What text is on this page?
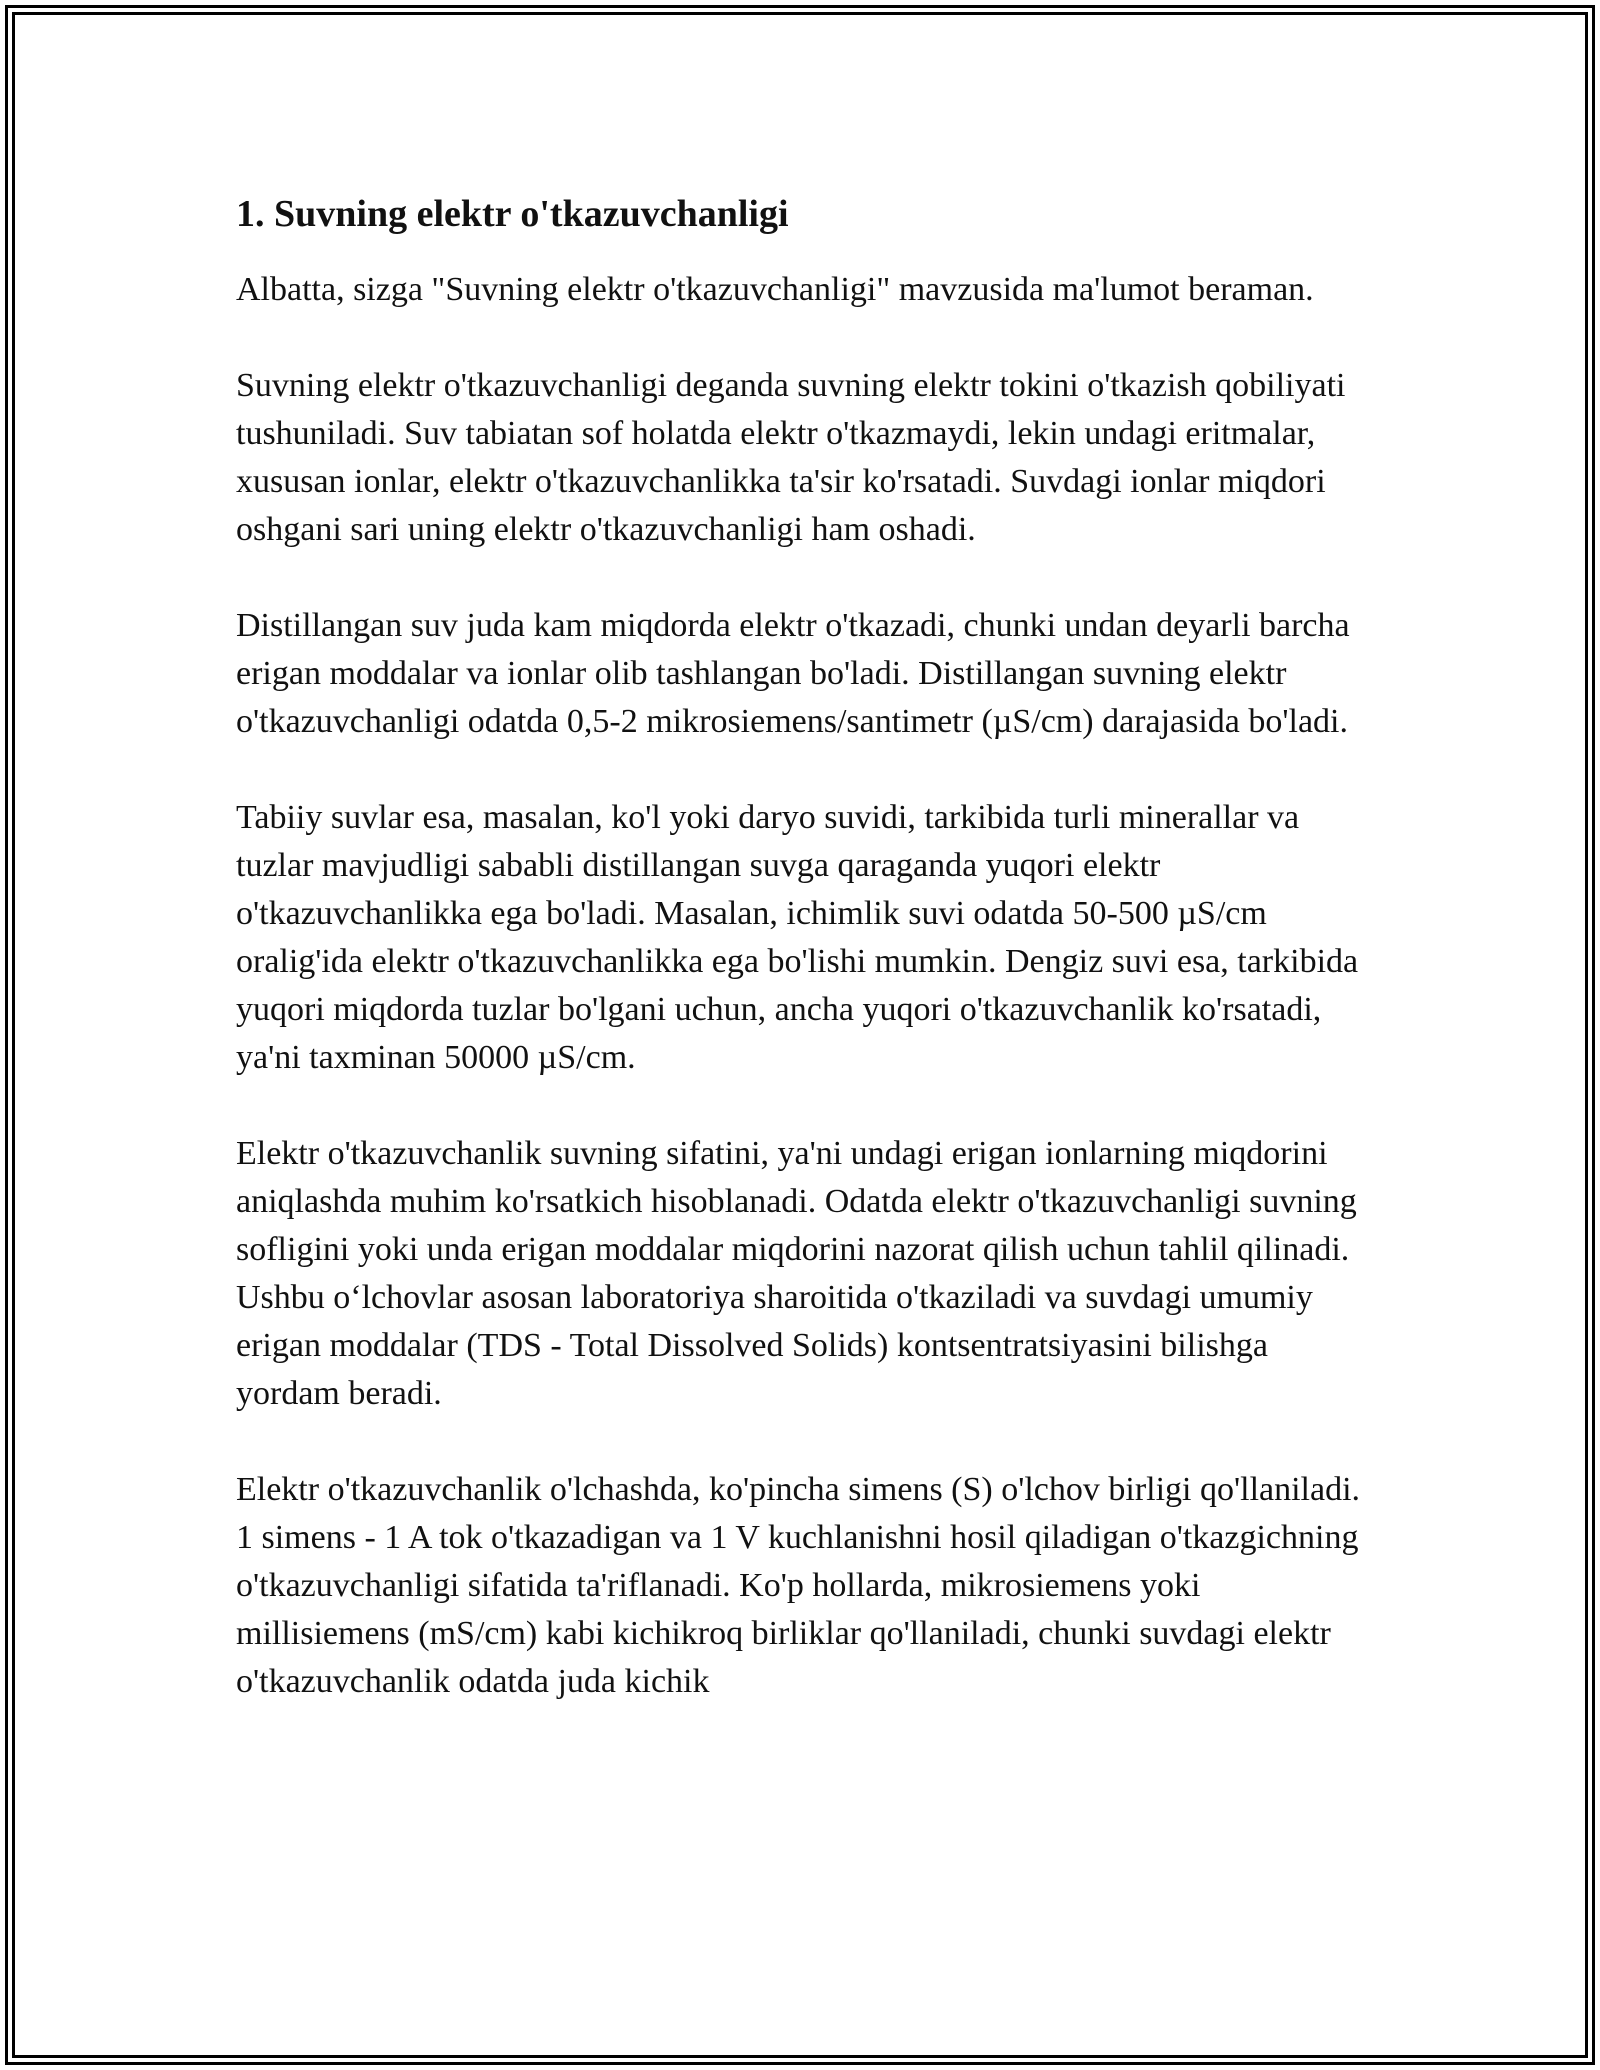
1. Suvning elektr o'tkazuvchanligi

Albatta, sizga "Suvning elektr o'tkazuvchanligi" mavzusida ma'lumot beraman.

Suvning elektr o'tkazuvchanligi deganda suvning elektr tokini o'tkazish qobiliyati tushuniladi. Suv tabiatan sof holatda elektr o'tkazmaydi, lekin undagi eritmalar, xususan ionlar, elektr o'tkazuvchanlikka ta'sir ko'rsatadi. Suvdagi ionlar miqdori oshgani sari uning elektr o'tkazuvchanligi ham oshadi.

Distillangan suv juda kam miqdorda elektr o'tkazadi, chunki undan deyarli barcha erigan moddalar va ionlar olib tashlangan bo'ladi. Distillangan suvning elektr o'tkazuvchanligi odatda 0,5-2 mikrosiemens/santimetr (µS/cm) darajasida bo'ladi.

Tabiiy suvlar esa, masalan, ko'l yoki daryo suvidi, tarkibida turli minerallar va tuzlar mavjudligi sababli distillangan suvga qaraganda yuqori elektr o'tkazuvchanlikka ega bo'ladi. Masalan, ichimlik suvi odatda 50-500 µS/cm oralig'ida elektr o'tkazuvchanlikka ega bo'lishi mumkin. Dengiz suvi esa, tarkibida yuqori miqdorda tuzlar bo'lgani uchun, ancha yuqori o'tkazuvchanlik ko'rsatadi, ya'ni taxminan 50000 µS/cm.

Elektr o'tkazuvchanlik suvning sifatini, ya'ni undagi erigan ionlarning miqdorini aniqlashda muhim ko'rsatkich hisoblanadi. Odatda elektr o'tkazuvchanligi suvning sofligini yoki unda erigan moddalar miqdorini nazorat qilish uchun tahlil qilinadi. Ushbu o‘lchovlar asosan laboratoriya sharoitida o'tkaziladi va suvdagi umumiy erigan moddalar (TDS - Total Dissolved Solids) kontsentratsiyasini bilishga yordam beradi.

Elektr o'tkazuvchanlik o'lchashda, ko'pincha simens (S) o'lchov birligi qo'llaniladi. 1 simens - 1 A tok o'tkazadigan va 1 V kuchlanishni hosil qiladigan o'tkazgichning o'tkazuvchanligi sifatida ta'riflanadi. Ko'p hollarda, mikrosiemens yoki millisiemens (mS/cm) kabi kichikroq birliklar qo'llaniladi, chunki suvdagi elektr o'tkazuvchanlik odatda juda kichik
